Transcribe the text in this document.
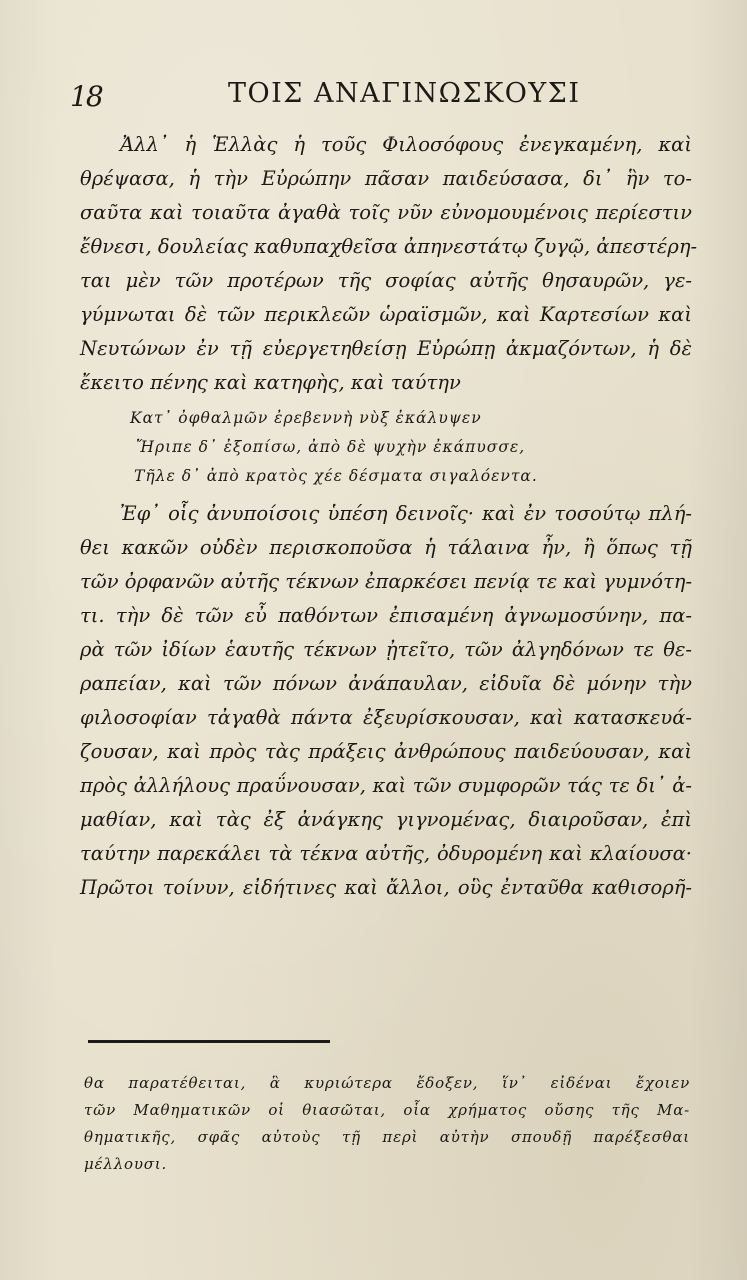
18	ΤΟΙΣ ΑΝΑΓΙΝΩΣΚΟΥΣΙ
Ἀλλ᾽ ἡ Ἑλλὰς ἡ τοῦς Φιλοσόφους ἐνεγκαμένη, καὶ
θρέψασα, ἡ τὴν Εὐρώπην πᾶσαν παιδεύσασα, δι᾽ ἣν το-
σαῦτα καὶ τοιαῦτα ἀγαθὰ τοῖς νῦν εὐνομουμένοις περίεστιν
ἔθνεσι, δουλείας καθυπαχθεῖσα ἀπηνεστάτῳ ζυγῷ, ἀπεστέρη-
ται μὲν τῶν προτέρων τῆς σοφίας αὐτῆς θησαυρῶν, γε-
γύμνωται δὲ τῶν περικλεῶν ὡραϊσμῶν, καὶ Καρτεσίων καὶ
Νευτώνων ἐν τῇ εὐεργετηθείσῃ Εὐρώπῃ ἀκμαζόντων, ἡ δὲ
ἔκειτο πένης καὶ κατηφὴς, καὶ ταύτην
Κατ᾽ ὀφθαλμῶν ἐρεβεννὴ νὺξ ἐκάλυψεν
Ἤριπε δ᾽ ἐξοπίσω, ἀπὸ δὲ ψυχὴν ἐκάπυσσε,
Τῆλε δ᾽ ἀπὸ κρατὸς χέε δέσματα σιγαλόεντα.
Ἐφ᾽ οἷς ἀνυποίσοις ὑπέση δεινοῖς· καὶ ἐν τοσούτῳ πλή-
θει κακῶν οὐδὲν περισκοποῦσα ἡ τάλαινα ἦν, ἢ ὅπως τῇ
τῶν ὀρφανῶν αὐτῆς τέκνων ἐπαρκέσει πενίᾳ τε καὶ γυμνότη-
τι. τὴν δὲ τῶν εὖ παθόντων ἐπισαμένη ἀγνωμοσύνην, πα-
ρὰ τῶν ἰδίων ἑαυτῆς τέκνων ᾐτεῖτο, τῶν ἀλγηδόνων τε θε-
ραπείαν, καὶ τῶν πόνων ἀνάπαυλαν, εἰδυῖα δὲ μόνην τὴν
φιλοσοφίαν τἀγαθὰ πάντα ἐξευρίσκουσαν, καὶ κατασκευά-
ζουσαν, καὶ πρὸς τὰς πράξεις ἀνθρώπους παιδεύουσαν, καὶ
πρὸς ἀλλήλους πραΰνουσαν, καὶ τῶν συμφορῶν τάς τε δι᾽ ἀ-
μαθίαν, καὶ τὰς ἐξ ἀνάγκης γιγνομένας, διαιροῦσαν, ἐπὶ
ταύτην παρεκάλει τὰ τέκνα αὐτῆς, ὀδυρομένη καὶ κλαίουσα·
Πρῶτοι τοίνυν, εἰδήτινες καὶ ἄλλοι, οὓς ἐνταῦθα καθισορῆ-
θα παρατέθειται, ἃ κυριώτερα ἔδοξεν, ἵν᾽ εἰδέναι ἔχοιεν
τῶν Μαθηματικῶν οἱ θιασῶται, οἷα χρήματος οὔσης τῆς Μα-
θηματικῆς, σφᾶς αὐτοὺς τῇ περὶ αὐτὴν σπουδῇ παρέξεσθαι
μέλλουσι.
